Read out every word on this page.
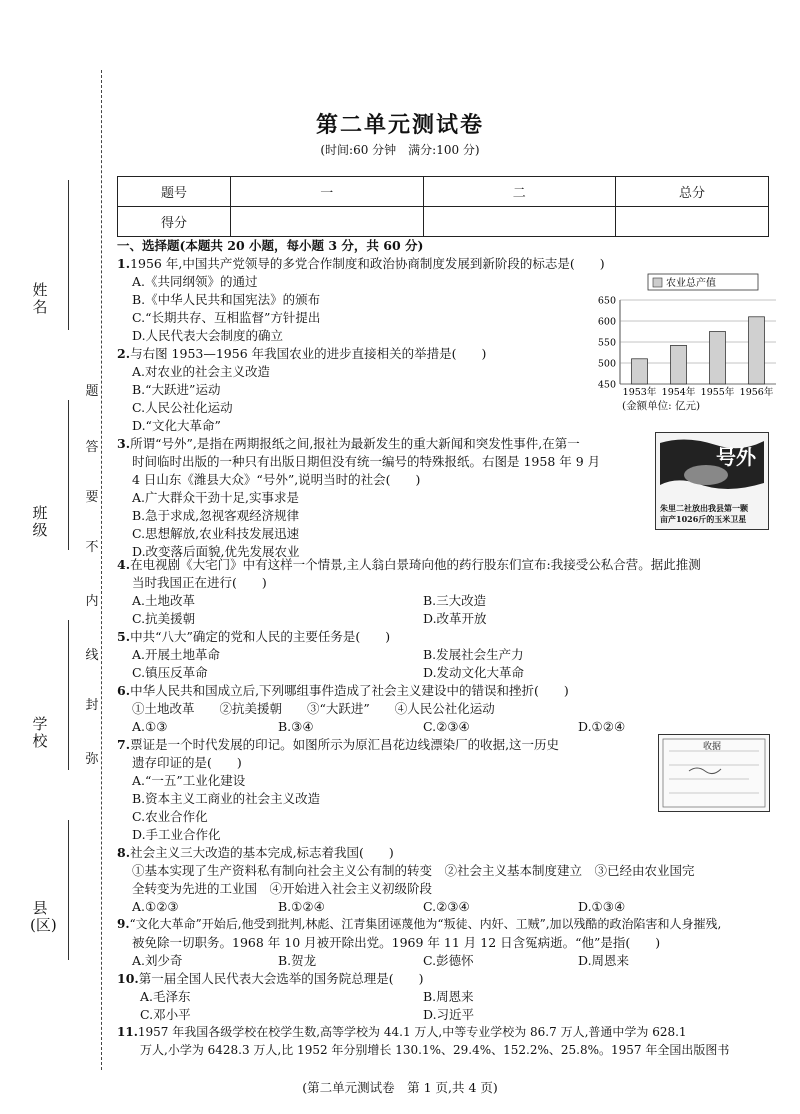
姓名
班级
学校
县(区)
题
答
要
不
内
线
封
弥
第二单元测试卷
(时间:60 分钟　满分:100 分)
题号	一	二	总分
得分			
一、选择题(本题共 20 小题，每小题 3 分，共 60 分)
1.1956 年,中国共产党领导的多党合作制度和政治协商制度发展到新阶段的标志是(　　)
A.《共同纲领》的通过
B.《中华人民共和国宪法》的颁布
C.“长期共存、互相监督”方针提出
D.人民代表大会制度的确立
2.与右图 1953—1956 年我国农业的进步直接相关的举措是(　　)
A.对农业的社会主义改造
B.“大跃进”运动
C.人民公社化运动
D.“文化大革命”
农业总产值
650
600
550
500
450
1953年 1954年 1955年 1956年
(金额单位: 亿元)
3.所谓“号外”,是指在两期报纸之间,报社为最新发生的重大新闻和突发性事件,在第一
时间临时出版的一种只有出版日期但没有统一编号的特殊报纸。右图是 1958 年 9 月
4 日山东《潍县大众》“号外”,说明当时的社会(　　)
A.广大群众干劲十足,实事求是
B.急于求成,忽视客观经济规律
C.思想解放,农业科技发展迅速
D.改变落后面貌,优先发展农业
号外
朱里二社放出我县第一颗　　亩产1026斤的玉米卫星
4.在电视剧《大宅门》中有这样一个情景,主人翁白景琦向他的药行股东们宣布:我接受公私合营。据此推测
当时我国正在进行(　　)
A.土地改革	B.三大改造
C.抗美援朝	D.改革开放
5.中共“八大”确定的党和人民的主要任务是(　　)
A.开展土地革命	B.发展社会生产力
C.镇压反革命	D.发动文化大革命
6.中华人民共和国成立后,下列哪组事件造成了社会主义建设中的错误和挫折(　　)
①土地改革　　②抗美援朝　　③“大跃进”　　④人民公社化运动
A.①③	B.③④	C.②③④	D.①②④
7.票证是一个时代发展的印记。如图所示为原汇昌花边线漂染厂的收据,这一历史
遗存印证的是(　　)
A.“一五”工业化建设
B.资本主义工商业的社会主义改造
C.农业合作化
D.手工业合作化
收据
8.社会主义三大改造的基本完成,标志着我国(　　)
①基本实现了生产资料私有制向社会主义公有制的转变　②社会主义基本制度建立　③已经由农业国完
全转变为先进的工业国　④开始进入社会主义初级阶段
A.①②③	B.①②④	C.②③④	D.①③④
9.“文化大革命”开始后,他受到批判,林彪、江青集团诬蔑他为“叛徒、内奸、工贼”,加以残酷的政治陷害和人身摧残,
被免除一切职务。1968 年 10 月被开除出党。1969 年 11 月 12 日含冤病逝。“他”是指(　　)
A.刘少奇	B.贺龙	C.彭德怀	D.周恩来
10.第一届全国人民代表大会选举的国务院总理是(　　)
A.毛泽东	B.周恩来
C.邓小平	D.习近平
11.1957 年我国各级学校在校学生数,高等学校为 44.1 万人,中等专业学校为 86.7 万人,普通中学为 628.1
万人,小学为 6428.3 万人,比 1952 年分别增长 130.1%、29.4%、152.2%、25.8%。1957 年全国出版图书
(第二单元测试卷　第 1 页,共 4 页)
